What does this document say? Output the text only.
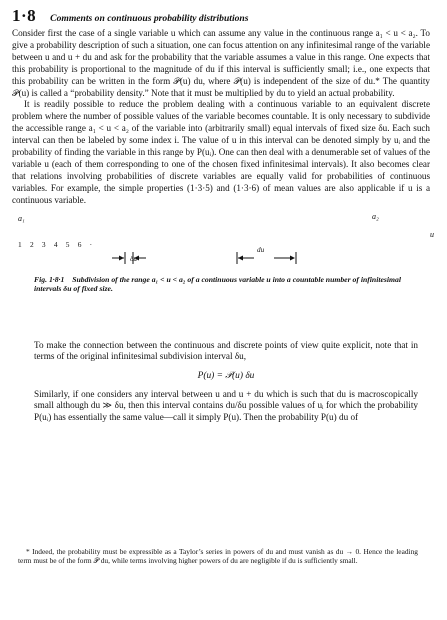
1·8 Comments on continuous probability distributions

Consider first the case of a single variable u which can assume any value in the continuous range a₁ < u < a₂. To give a probability description of such a situation, one can focus attention on any infinitesimal range of the variable between u and u + du and ask for the probability that the variable assumes a value in this range. One expects that this probability is proportional to the magnitude of du if this interval is sufficiently small; i.e., one expects that this probability can be written in the form 𝒫(u) du, where 𝒫(u) is independent of the size of du.* The quantity 𝒫(u) is called a “probability density.” Note that it must be multiplied by du to yield an actual probability.

It is readily possible to reduce the problem dealing with a continuous variable to an equivalent discrete problem where the number of possible values of the variable becomes countable. It is only necessary to subdivide the accessible range a₁ < u < a₂ of the variable into (arbitrarily small) equal intervals of fixed size δu. Each such interval can then be labeled by some index i. The value of u in this interval can be denoted simply by uᵢ and the probability of finding the variable in this range by P(uᵢ). One can then deal with a denumerable set of values of the variable u (each of them corresponding to one of the chosen fixed infinitesimal intervals). It also becomes clear that relations involving probabilities of discrete variables are equally valid for probabilities of continuous variables. For example, the simple properties (1·3·5) and (1·3·6) of mean values are also applicable if u is a continuous variable.

a₁	a₂
u
1 2 3 4 5 6 ·
δu
du
Fig. 1·8·1 Subdivision of the range a₁ < u < a₂ of a continuous variable u into a countable number of infinitesimal intervals δu of fixed size.

To make the connection between the continuous and discrete points of view quite explicit, note that in terms of the original infinitesimal subdivision interval δu,

P(u) = 𝒫(u) δu

Similarly, if one considers any interval between u and u + du which is such that du is macroscopically small although du ≫ δu, then this interval contains du/δu possible values of uᵢ for which the probability P(uᵢ) has essentially the same value—call it simply P(u). Then the probability P(u) du of

* Indeed, the probability must be expressible as a Taylor’s series in powers of du and must vanish as du → 0. Hence the leading term must be of the form 𝒫 du, while terms involving higher powers of du are negligible if du is sufficiently small.
